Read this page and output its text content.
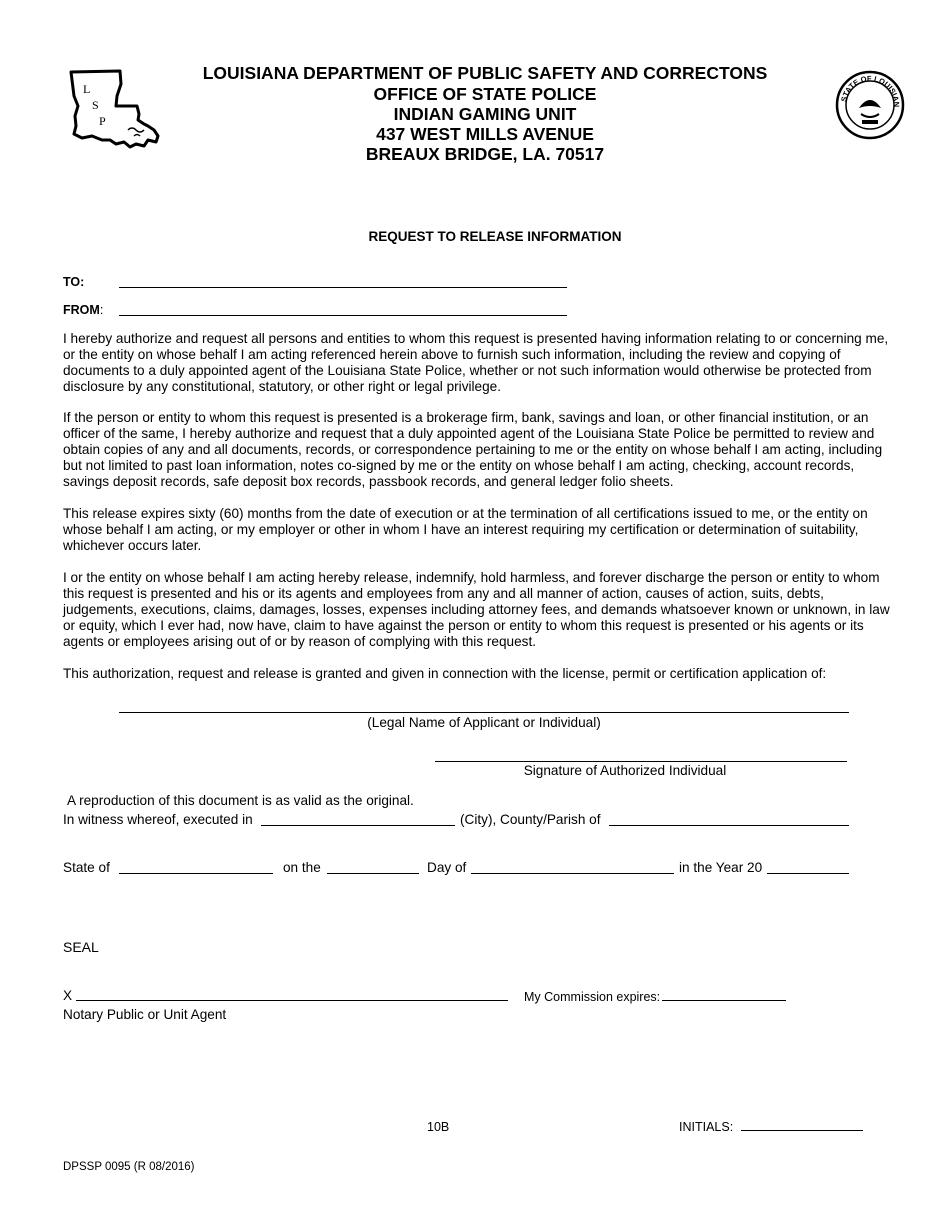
L
S
P
LOUISIANA DEPARTMENT OF PUBLIC SAFETY AND CORRECTONS
OFFICE OF STATE POLICE
INDIAN GAMING UNIT
437 WEST MILLS AVENUE
BREAUX BRIDGE, LA. 70517
STATE OF LOUISIAN
REQUEST TO RELEASE INFORMATION
TO:
FROM:

I hereby authorize and request all persons and entities to whom this request is presented having information relating to or concerning me, or the entity on whose behalf I am acting referenced herein above to furnish such information, including the review and copying of documents to a duly appointed agent of the Louisiana State Police, whether or not such information would otherwise be protected from disclosure by any constitutional, statutory, or other right or legal privilege.

If the person or entity to whom this request is presented is a brokerage firm, bank, savings and loan, or other financial institution, or an officer of the same, I hereby authorize and request that a duly appointed agent of the Louisiana State Police be permitted to review and obtain copies of any and all documents, records, or correspondence pertaining to me or the entity on whose behalf I am acting, including but not limited to past loan information, notes co-signed by me or the entity on whose behalf I am acting, checking, account records, savings deposit records, safe deposit box records, passbook records, and general ledger folio sheets.

This release expires sixty (60) months from the date of execution or at the termination of all certifications issued to me, or the entity on whose behalf I am acting, or my employer or other in whom I have an interest requiring my certification or determination of suitability, whichever occurs later.

I or the entity on whose behalf I am acting hereby release, indemnify, hold harmless, and forever discharge the person or entity to whom this request is presented and his or its agents and employees from any and all manner of action, causes of action, suits, debts, judgements, executions, claims, damages, losses, expenses including attorney fees, and demands whatsoever known or unknown, in law or equity, which I ever had, now have, claim to have against the person or entity to whom this request is presented or his agents or its agents or employees arising out of or by reason of complying with this request.

This authorization, request and release is granted and given in connection with the license, permit or certification application of:

(Legal Name of Applicant or Individual)
Signature of Authorized Individual
A reproduction of this document is as valid as the original.
In witness whereof, executed in	(City), County/Parish of
State of	on the	Day of	in the Year 20
SEAL
X	My Commission expires:
Notary Public or Unit Agent
10B	INITIALS:
DPSSP 0095 (R 08/2016)
